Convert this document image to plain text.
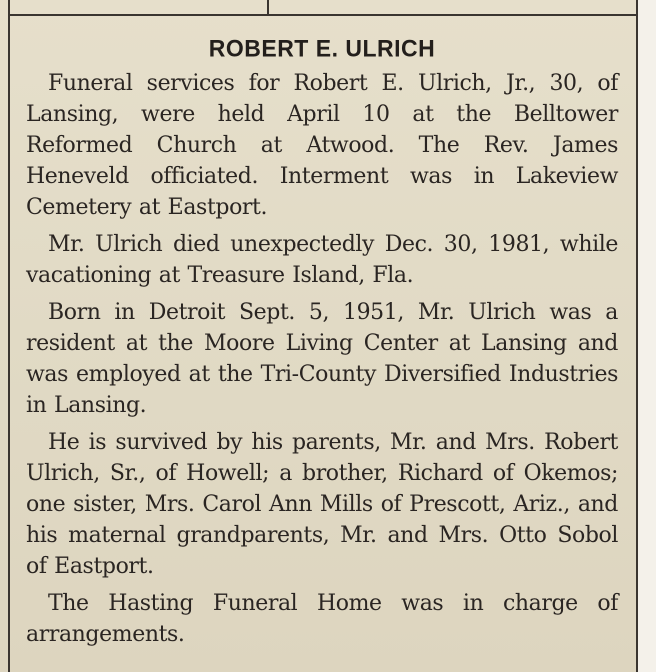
ROBERT E. ULRICH

Funeral services for Robert E. Ulrich, Jr., 30, of Lansing, were held April 10 at the Belltower Reformed Church at Atwood. The Rev. James Heneveld officiated. Interment was in Lakeview Cemetery at Eastport.

Mr. Ulrich died unexpectedly Dec. 30, 1981, while vacationing at Treasure Island, Fla.

Born in Detroit Sept. 5, 1951, Mr. Ulrich was a resident at the Moore Living Center at Lansing and was employed at the Tri-County Diversified Industries in Lansing.

He is survived by his parents, Mr. and Mrs. Robert Ulrich, Sr., of Howell; a brother, Richard of Okemos; one sister, Mrs. Carol Ann Mills of Prescott, Ariz., and his maternal grandparents, Mr. and Mrs. Otto Sobol of Eastport.

The Hasting Funeral Home was in charge of arrangements.
